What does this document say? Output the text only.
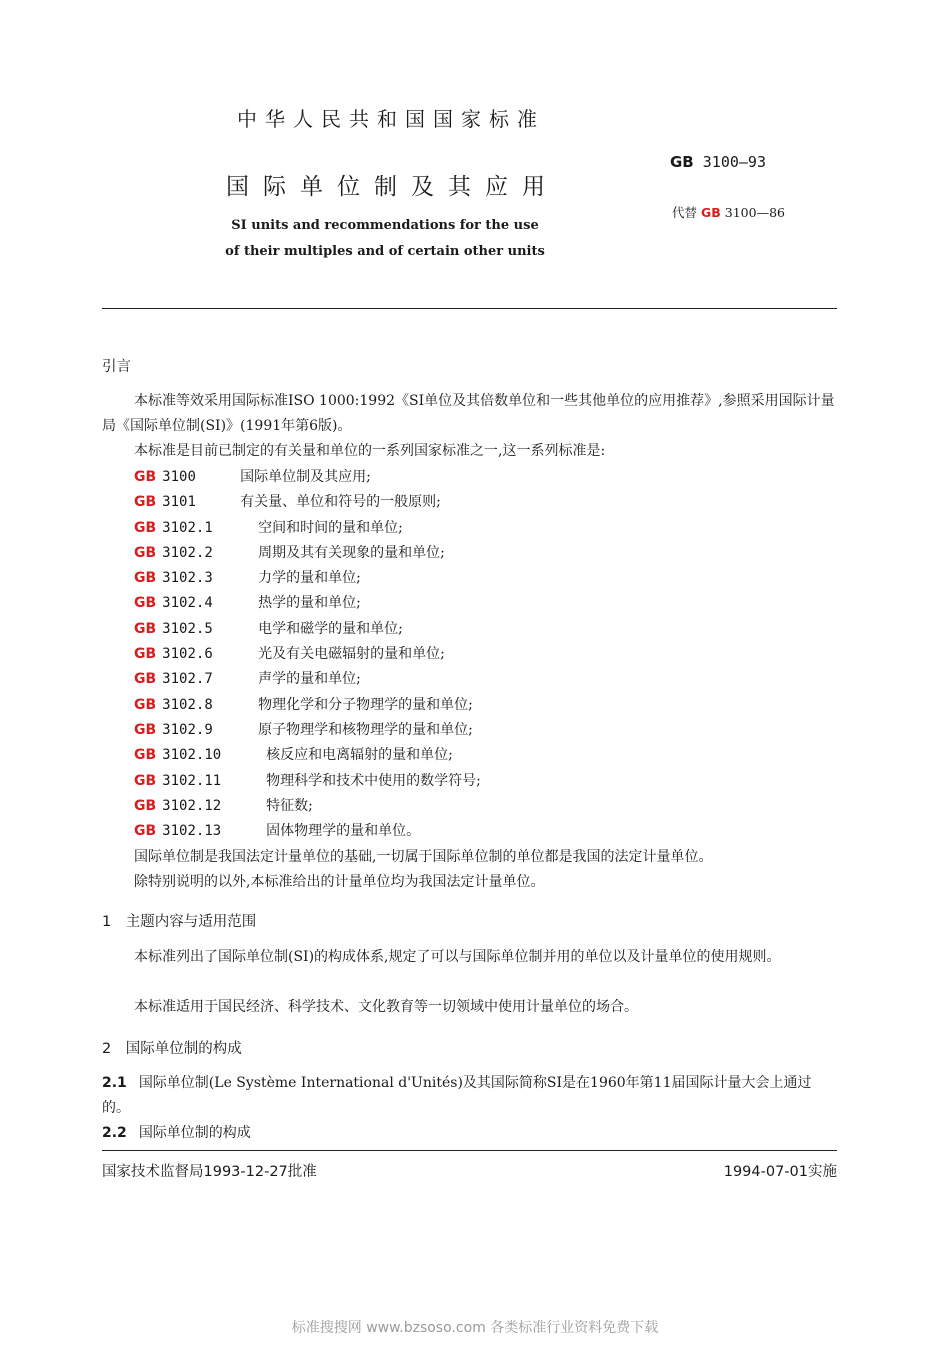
中华人民共和国国家标准
国际单位制及其应用
SI units and recommendations for the use
of their multiples and of certain other units
GB 3100—93
代替 GB 3100—86
引言
本标准等效采用国际标准ISO 1000:1992《SI单位及其倍数单位和一些其他单位的应用推荐》,参照采用国际计量局《国际单位制(SI)》(1991年第6版)。
本标准是目前已制定的有关量和单位的一系列国家标准之一,这一系列标准是:
GB 3100	国际单位制及其应用;
GB 3101	有关量、单位和符号的一般原则;
GB 3102.1	空间和时间的量和单位;
GB 3102.2	周期及其有关现象的量和单位;
GB 3102.3	力学的量和单位;
GB 3102.4	热学的量和单位;
GB 3102.5	电学和磁学的量和单位;
GB 3102.6	光及有关电磁辐射的量和单位;
GB 3102.7	声学的量和单位;
GB 3102.8	物理化学和分子物理学的量和单位;
GB 3102.9	原子物理学和核物理学的量和单位;
GB 3102.10	核反应和电离辐射的量和单位;
GB 3102.11	物理科学和技术中使用的数学符号;
GB 3102.12	特征数;
GB 3102.13	固体物理学的量和单位。
国际单位制是我国法定计量单位的基础,一切属于国际单位制的单位都是我国的法定计量单位。
除特别说明的以外,本标准给出的计量单位均为我国法定计量单位。
1　主题内容与适用范围
本标准列出了国际单位制(SI)的构成体系,规定了可以与国际单位制并用的单位以及计量单位的使用规则。
本标准适用于国民经济、科学技术、文化教育等一切领域中使用计量单位的场合。
2　国际单位制的构成
2.1 国际单位制(Le Système International d'Unités)及其国际简称SI是在1960年第11届国际计量大会上通过的。
2.2 国际单位制的构成
国家技术监督局1993-12-27批准	1994-07-01实施
标准搜搜网 www.bzsoso.com 各类标准行业资料免费下载
